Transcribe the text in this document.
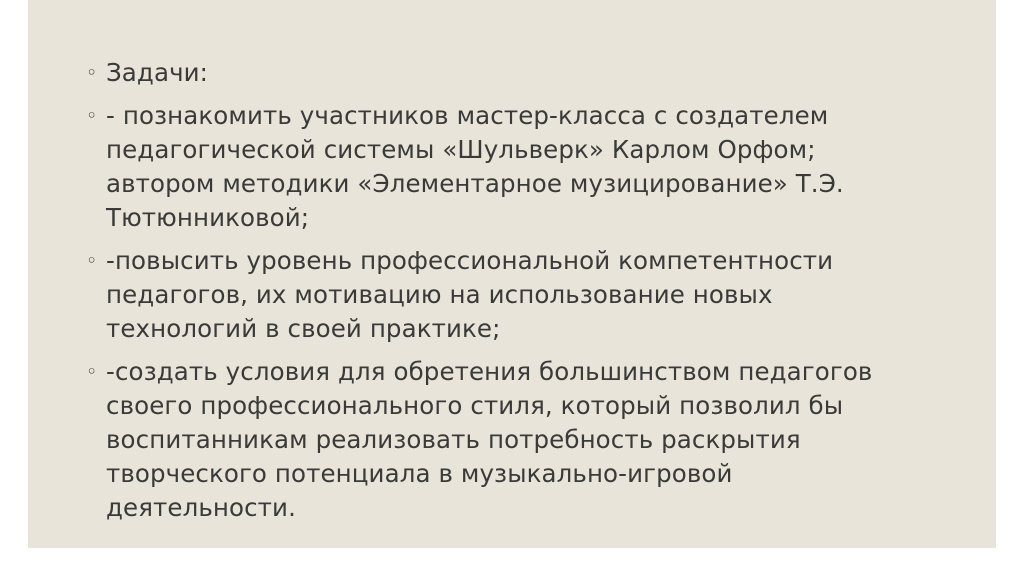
◦ Задачи:
◦ - познакомить участников мастер-класса с создателем педагогической системы «Шульверк» Карлом Орфом; автором методики «Элементарное музицирование» Т.Э. Тютюнниковой;
◦ -повысить уровень профессиональной компетентности педагогов, их мотивацию на использование новых технологий в своей практике;
◦ -создать условия для обретения большинством педагогов своего профессионального стиля, который позволил бы воспитанникам реализовать потребность раскрытия творческого потенциала в музыкально-игровой деятельности.
